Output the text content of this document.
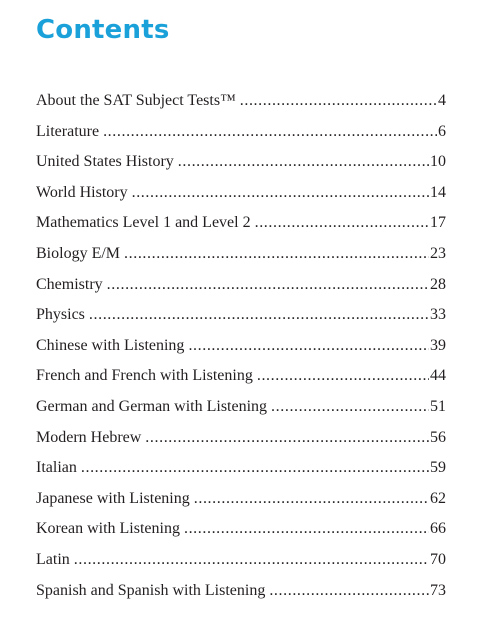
Contents
About the SAT Subject Tests™ .....	4
Literature .....	6
United States History .....	10
World History .....	14
Mathematics Level 1 and Level 2 .....	17
Biology E/M .....	23
Chemistry .....	28
Physics .....	33
Chinese with Listening .....	39
French and French with Listening .....	44
German and German with Listening .....	51
Modern Hebrew .....	56
Italian .....	59
Japanese with Listening .....	62
Korean with Listening .....	66
Latin .....	70
Spanish and Spanish with Listening .....	73
